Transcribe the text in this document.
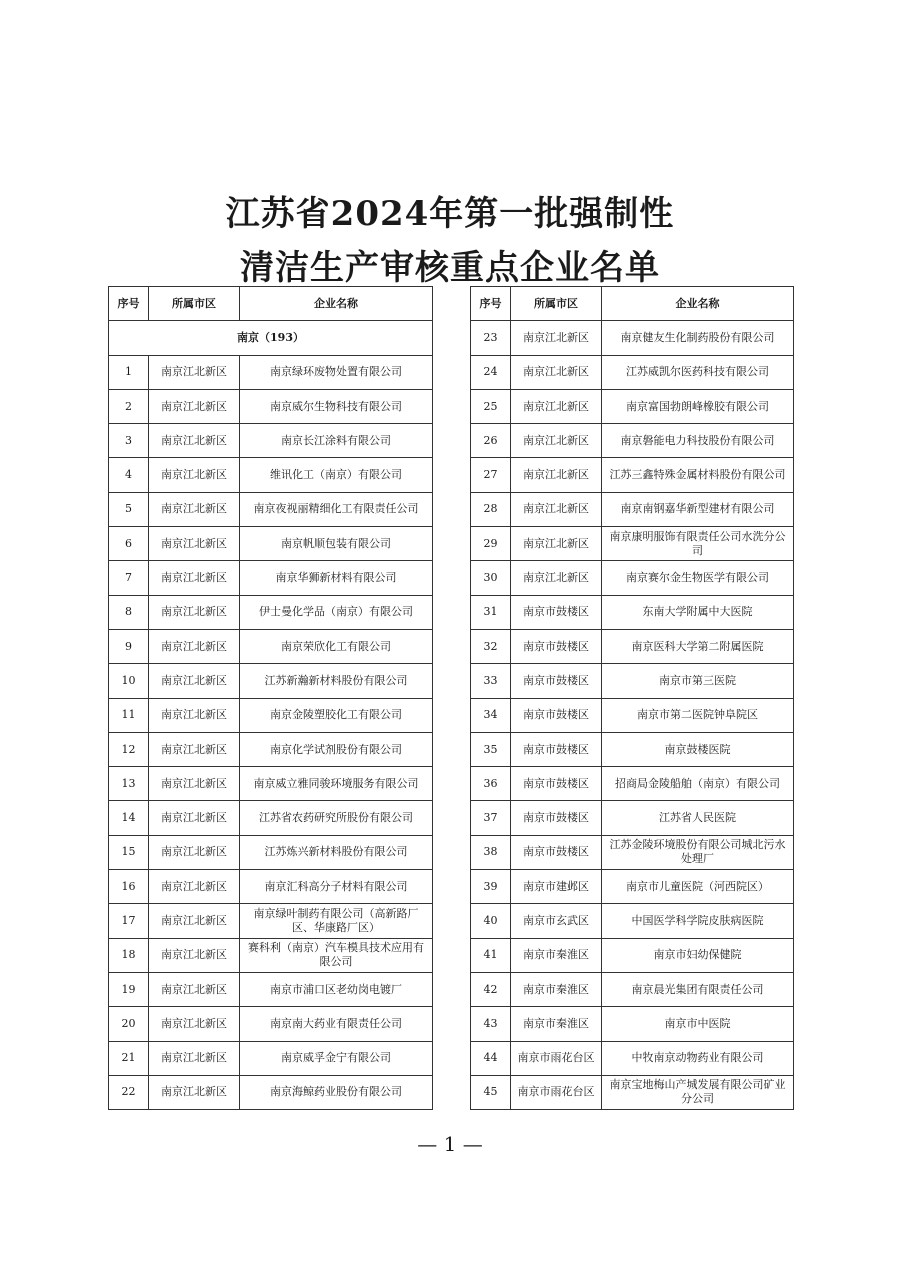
江苏省2024年第一批强制性
清洁生产审核重点企业名单
序号	所属市区	企业名称
南京（193）		
1	南京江北新区	南京绿环废物处置有限公司
2	南京江北新区	南京威尔生物科技有限公司
3	南京江北新区	南京长江涂料有限公司
4	南京江北新区	维讯化工（南京）有限公司
5	南京江北新区	南京夜视丽精细化工有限责任公司
6	南京江北新区	南京帆顺包装有限公司
7	南京江北新区	南京华狮新材料有限公司
8	南京江北新区	伊士曼化学品（南京）有限公司
9	南京江北新区	南京荣欣化工有限公司
10	南京江北新区	江苏新瀚新材料股份有限公司
11	南京江北新区	南京金陵塑胶化工有限公司
12	南京江北新区	南京化学试剂股份有限公司
13	南京江北新区	南京威立雅同骏环境服务有限公司
14	南京江北新区	江苏省农药研究所股份有限公司
15	南京江北新区	江苏炼兴新材料股份有限公司
16	南京江北新区	南京汇科高分子材料有限公司
17	南京江北新区	南京绿叶制药有限公司（高新路厂区、华康路厂区）
18	南京江北新区	赛科利（南京）汽车模具技术应用有限公司
19	南京江北新区	南京市浦口区老幼岗电镀厂
20	南京江北新区	南京南大药业有限责任公司
21	南京江北新区	南京威孚金宁有限公司
22	南京江北新区	南京海鲸药业股份有限公司
序号	所属市区	企业名称
23	南京江北新区	南京健友生化制药股份有限公司
24	南京江北新区	江苏威凯尔医药科技有限公司
25	南京江北新区	南京富国勃朗峰橡胶有限公司
26	南京江北新区	南京磐能电力科技股份有限公司
27	南京江北新区	江苏三鑫特殊金属材料股份有限公司
28	南京江北新区	南京南钢嘉华新型建材有限公司
29	南京江北新区	南京康明服饰有限责任公司水洗分公司
30	南京江北新区	南京赛尔金生物医学有限公司
31	南京市鼓楼区	东南大学附属中大医院
32	南京市鼓楼区	南京医科大学第二附属医院
33	南京市鼓楼区	南京市第三医院
34	南京市鼓楼区	南京市第二医院钟阜院区
35	南京市鼓楼区	南京鼓楼医院
36	南京市鼓楼区	招商局金陵船舶（南京）有限公司
37	南京市鼓楼区	江苏省人民医院
38	南京市鼓楼区	江苏金陵环境股份有限公司城北污水处理厂
39	南京市建邺区	南京市儿童医院（河西院区）
40	南京市玄武区	中国医学科学院皮肤病医院
41	南京市秦淮区	南京市妇幼保健院
42	南京市秦淮区	南京晨光集团有限责任公司
43	南京市秦淮区	南京市中医院
44	南京市雨花台区	中牧南京动物药业有限公司
45	南京市雨花台区	南京宝地梅山产城发展有限公司矿业分公司
— 1 —
